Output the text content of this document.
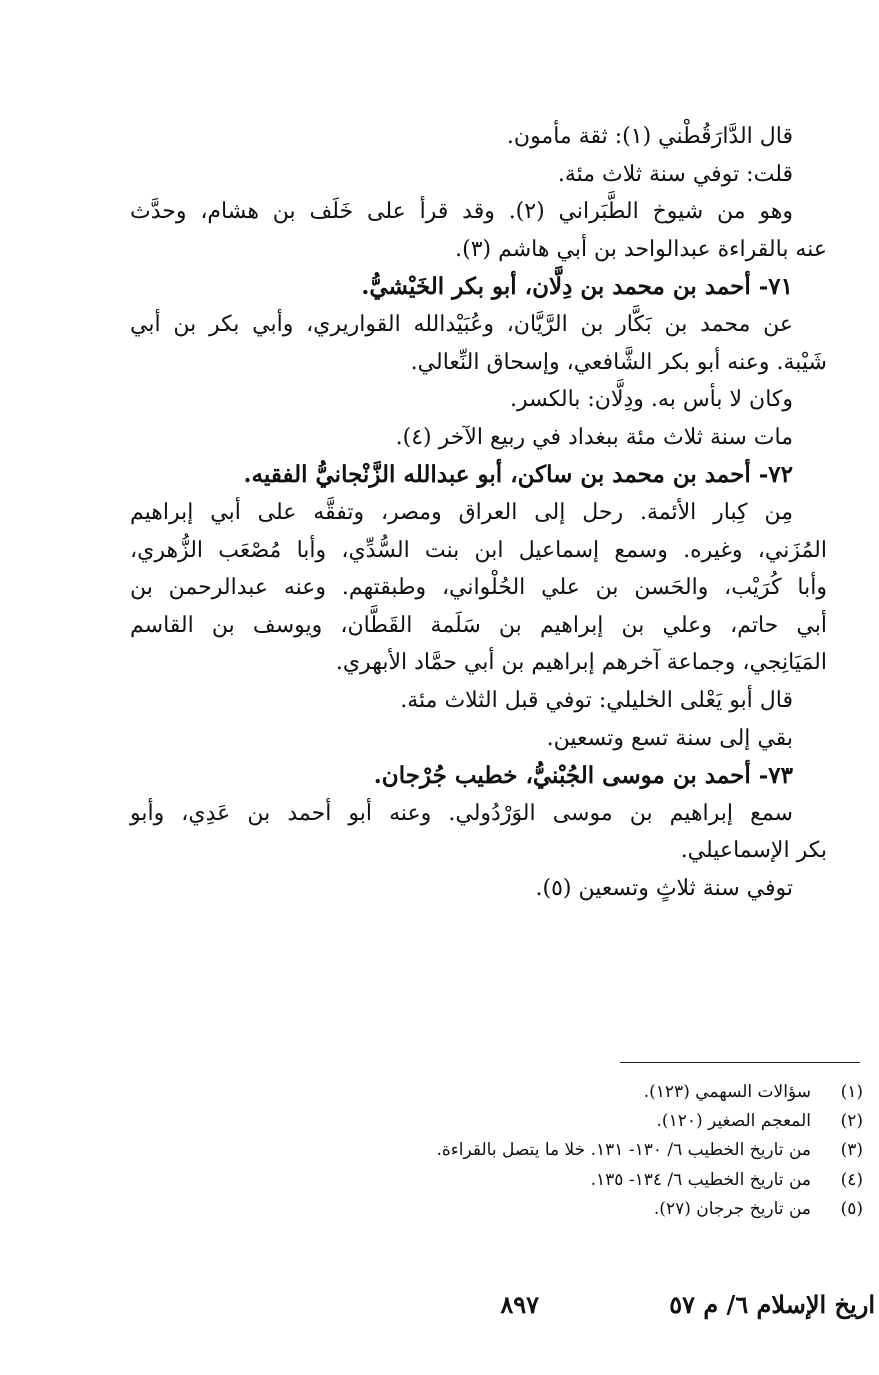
قال الدَّارَقُطْني (١): ثقة مأمون.
قلت: توفي سنة ثلاث مئة.
وهو من شيوخ الطَّبَراني (٢). وقد قرأ على خَلَف بن هشام، وحدَّث
عنه بالقراءة عبدالواحد بن أبي هاشم (٣).
٧١- أحمد بن محمد بن دِلَّان، أبو بكر الخَيْشيُّ.
عن محمد بن بَكَّار بن الرَّيَّان، وعُبَيْدالله القواريري، وأبي بكر بن أبي
شَيْبة. وعنه أبو بكر الشَّافعي، وإسحاق النِّعالي.
وكان لا بأس به. ودِلَّان: بالكسر.
مات سنة ثلاث مئة ببغداد في ربيع الآخر (٤).
٧٢- أحمد بن محمد بن ساكن، أبو عبدالله الزَّنْجانيُّ الفقيه.
مِن كِبار الأئمة. رحل إلى العراق ومصر، وتفقَّه على أبي إبراهيم
المُزَني، وغيره. وسمع إسماعيل ابن بنت السُّدِّي، وأبا مُصْعَب الزُّهري،
وأبا كُرَيْب، والحَسن بن علي الحُلْواني، وطبقتهم. وعنه عبدالرحمن بن
أبي حاتم، وعلي بن إبراهيم بن سَلَمة القَطَّان، ويوسف بن القاسم
المَيَانِجي، وجماعة آخرهم إبراهيم بن أبي حمَّاد الأبهري.
قال أبو يَعْلى الخليلي: توفي قبل الثلاث مئة.
بقي إلى سنة تسع وتسعين.
٧٣- أحمد بن موسى الجُبْنيُّ، خطيب جُرْجان.
سمع إبراهيم بن موسى الوَرْدُولي. وعنه أبو أحمد بن عَدِي، وأبو
بكر الإسماعيلي.
توفي سنة ثلاثٍ وتسعين (٥).
(١)سؤالات السهمي (١٢٣).
(٢)المعجم الصغير (١٢٠).
(٣)من تاريخ الخطيب ٦/ ١٣٠- ١٣١. خلا ما يتصل بالقراءة.
(٤)من تاريخ الخطيب ٦/ ١٣٤- ١٣٥.
(٥)من تاريخ جرجان (٢٧).
اريخ الإسلام ٦/ م ٥٧
٨٩٧
